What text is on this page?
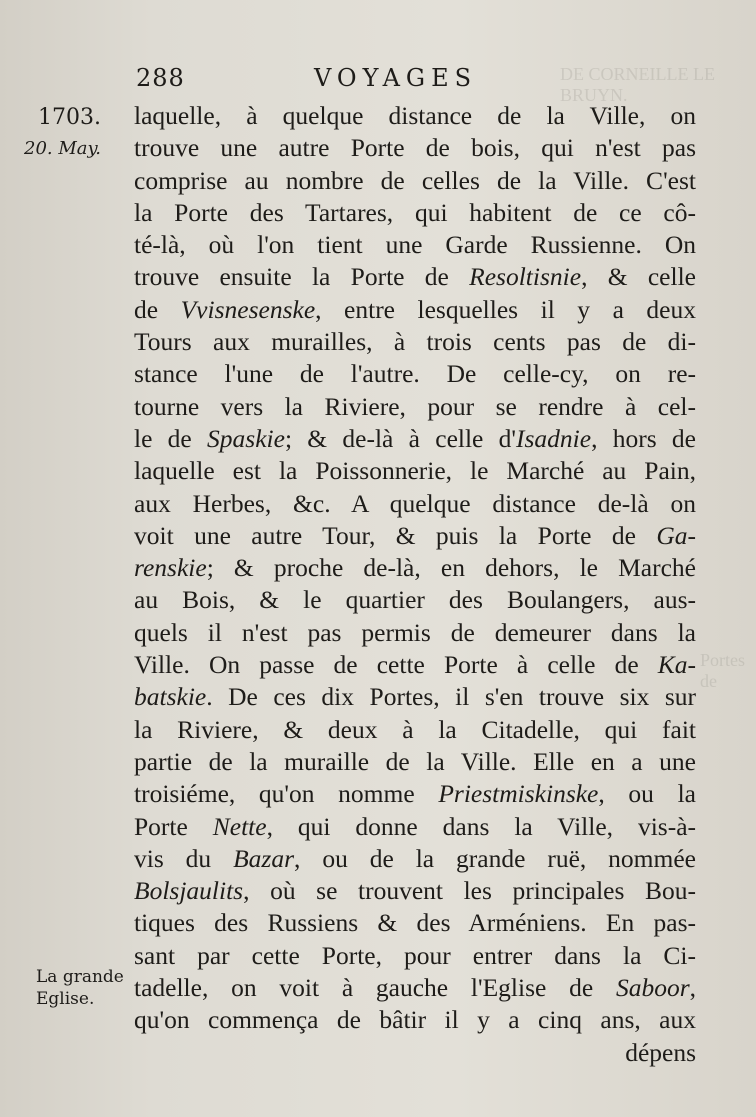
DE CORNEILLE LE BRUYN.
Portes de
288	VOYAGES
1703.
20. May.
La grande
Eglise.
laquelle, à quelque distance de la Ville, on
trouve une autre Porte de bois, qui n'est pas
comprise au nombre de celles de la Ville. C'est
la Porte des Tartares, qui habitent de ce cô-
té-là, où l'on tient une Garde Russienne. On
trouve ensuite la Porte de Resoltisnie, & celle
de Vvisnesenske, entre lesquelles il y a deux
Tours aux murailles, à trois cents pas de di-
stance l'une de l'autre. De celle-cy, on re-
tourne vers la Riviere, pour se rendre à cel-
le de Spaskie; & de-là à celle d'Isadnie, hors de
laquelle est la Poissonnerie, le Marché au Pain,
aux Herbes, &c. A quelque distance de-là on
voit une autre Tour, & puis la Porte de Ga-
renskie; & proche de-là, en dehors, le Marché
au Bois, & le quartier des Boulangers, aus-
quels il n'est pas permis de demeurer dans la
Ville. On passe de cette Porte à celle de Ka-
batskie. De ces dix Portes, il s'en trouve six sur
la Riviere, & deux à la Citadelle, qui fait
partie de la muraille de la Ville. Elle en a une
troisiéme, qu'on nomme Priestmiskinske, ou la
Porte Nette, qui donne dans la Ville, vis-à-
vis du Bazar, ou de la grande ruë, nommée
Bolsjaulits, où se trouvent les principales Bou-
tiques des Russiens & des Arméniens. En pas-
sant par cette Porte, pour entrer dans la Ci-
tadelle, on voit à gauche l'Eglise de Saboor,
qu'on commença de bâtir il y a cinq ans, aux
dépens
